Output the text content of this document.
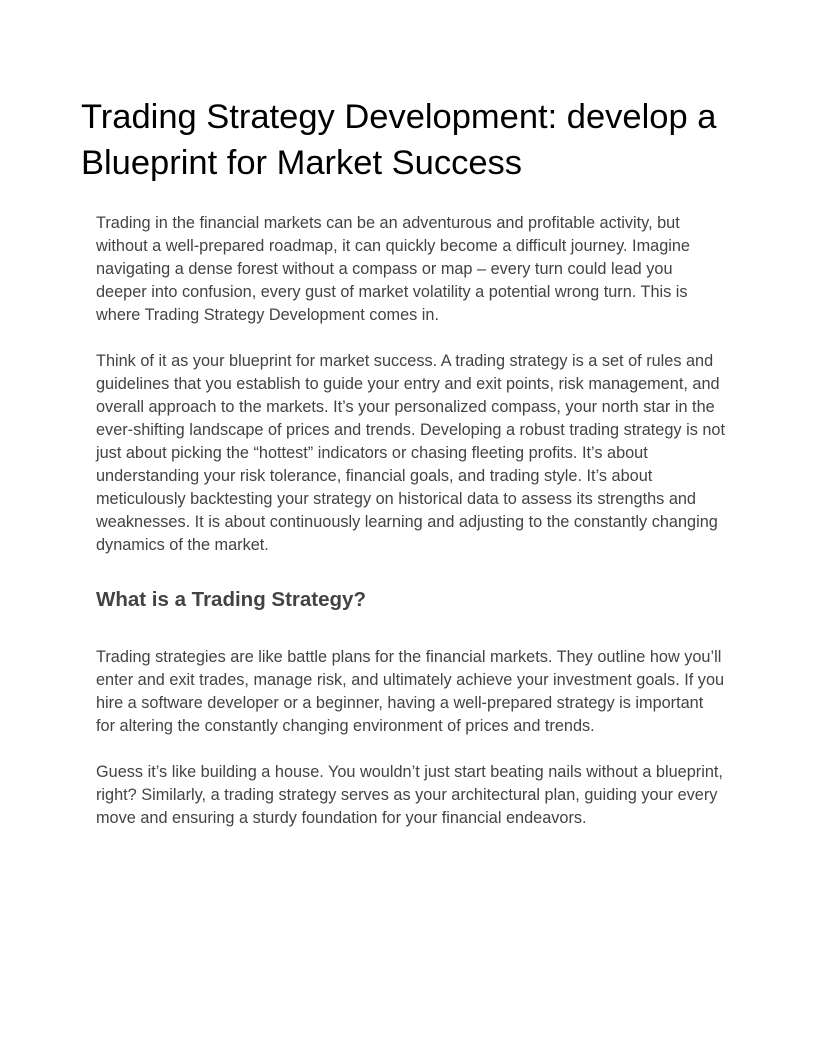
Trading Strategy Development: develop a Blueprint for Market Success

Trading in the financial markets can be an adventurous and profitable activity, but without a well-prepared roadmap, it can quickly become a difficult journey. Imagine navigating a dense forest without a compass or map – every turn could lead you deeper into confusion, every gust of market volatility a potential wrong turn. This is where Trading Strategy Development comes in.

Think of it as your blueprint for market success. A trading strategy is a set of rules and guidelines that you establish to guide your entry and exit points, risk management, and overall approach to the markets. It’s your personalized compass, your north star in the ever-shifting landscape of prices and trends. Developing a robust trading strategy is not just about picking the “hottest” indicators or chasing fleeting profits. It’s about understanding your risk tolerance, financial goals, and trading style. It’s about meticulously backtesting your strategy on historical data to assess its strengths and weaknesses. It is about continuously learning and adjusting to the constantly changing dynamics of the market.

What is a Trading Strategy?

Trading strategies are like battle plans for the financial markets. They outline how you’ll enter and exit trades, manage risk, and ultimately achieve your investment goals. If you hire a software developer or a beginner, having a well-prepared strategy is important for altering the constantly changing environment of prices and trends.

Guess it’s like building a house. You wouldn’t just start beating nails without a blueprint, right? Similarly, a trading strategy serves as your architectural plan, guiding your every move and ensuring a sturdy foundation for your financial endeavors.
